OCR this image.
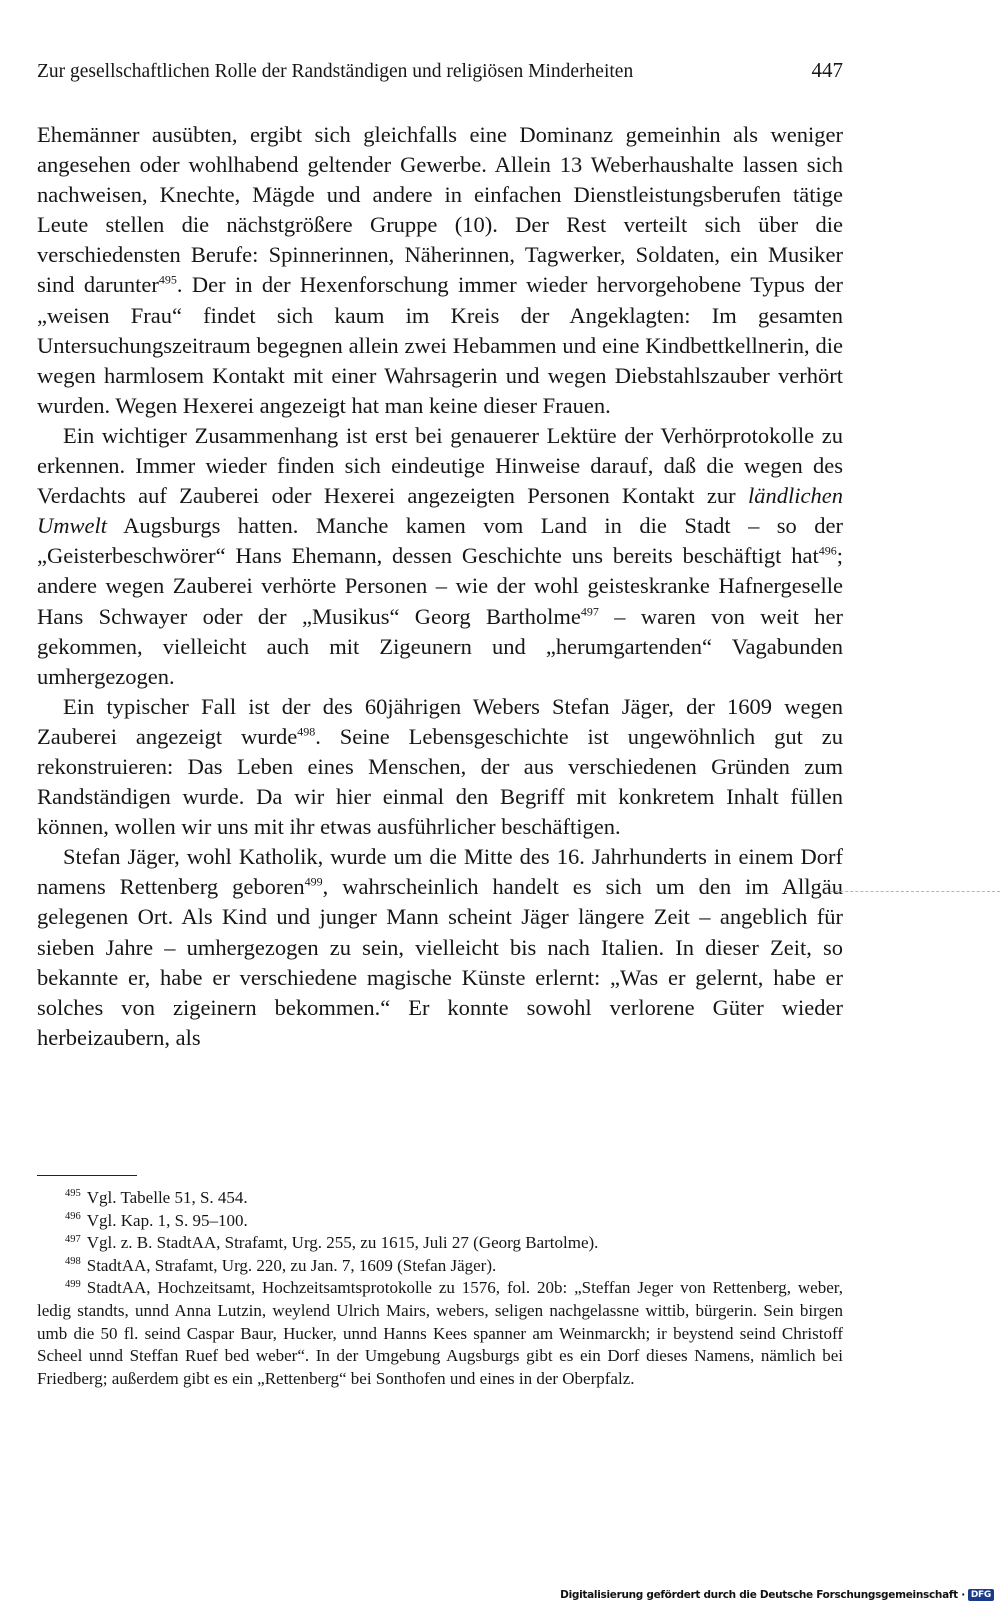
Zur gesellschaftlichen Rolle der Randständigen und religiösen Minderheiten	447

Ehemänner ausübten, ergibt sich gleichfalls eine Dominanz gemeinhin als weniger angesehen oder wohlhabend geltender Gewerbe. Allein 13 Weberhaushalte lassen sich nachweisen, Knechte, Mägde und andere in einfachen Dienstleistungsberufen tätige Leute stellen die nächstgrößere Gruppe (10). Der Rest verteilt sich über die verschiedensten Berufe: Spinnerinnen, Näherinnen, Tagwerker, Soldaten, ein Musiker sind darunter$^{495}$. Der in der Hexenforschung immer wieder hervorgehobene Typus der „weisen Frau“ findet sich kaum im Kreis der Angeklagten: Im gesamten Untersuchungszeitraum begegnen allein zwei Hebammen und eine Kindbettkellnerin, die wegen harmlosem Kontakt mit einer Wahrsagerin und wegen Diebstahlszauber verhört wurden. Wegen Hexerei angezeigt hat man keine dieser Frauen.

Ein wichtiger Zusammenhang ist erst bei genauerer Lektüre der Verhörprotokolle zu erkennen. Immer wieder finden sich eindeutige Hinweise darauf, daß die wegen des Verdachts auf Zauberei oder Hexerei angezeigten Personen Kontakt zur ländlichen Umwelt Augsburgs hatten. Manche kamen vom Land in die Stadt – so der „Geisterbeschwörer“ Hans Ehemann, dessen Geschichte uns bereits beschäftigt hat$^{496}$; andere wegen Zauberei verhörte Personen – wie der wohl geisteskranke Hafnergeselle Hans Schwayer oder der „Musikus“ Georg Bartholme$^{497}$ – waren von weit her gekommen, vielleicht auch mit Zigeunern und „herumgartenden“ Vagabunden umhergezogen.

Ein typischer Fall ist der des 60jährigen Webers Stefan Jäger, der 1609 wegen Zauberei angezeigt wurde$^{498}$. Seine Lebensgeschichte ist ungewöhnlich gut zu rekonstruieren: Das Leben eines Menschen, der aus verschiedenen Gründen zum Randständigen wurde. Da wir hier einmal den Begriff mit konkretem Inhalt füllen können, wollen wir uns mit ihr etwas ausführlicher beschäftigen.

Stefan Jäger, wohl Katholik, wurde um die Mitte des 16. Jahrhunderts in einem Dorf namens Rettenberg geboren$^{499}$, wahrscheinlich handelt es sich um den im Allgäu gelegenen Ort. Als Kind und junger Mann scheint Jäger längere Zeit – angeblich für sieben Jahre – umhergezogen zu sein, vielleicht bis nach Italien. In dieser Zeit, so bekannte er, habe er verschiedene magische Künste erlernt: „Was er gelernt, habe er solches von zigeinern bekommen.“ Er konnte sowohl verlorene Güter wieder herbeizaubern, als

$^{495}$ Vgl. Tabelle 51, S. 454.

$^{496}$ Vgl. Kap. 1, S. 95–100.

$^{497}$ Vgl. z. B. StadtAA, Strafamt, Urg. 255, zu 1615, Juli 27 (Georg Bartolme).

$^{498}$ StadtAA, Strafamt, Urg. 220, zu Jan. 7, 1609 (Stefan Jäger).

$^{499}$ StadtAA, Hochzeitsamt, Hochzeitsamtsprotokolle zu 1576, fol. 20b: „Steffan Jeger von Rettenberg, weber, ledig standts, unnd Anna Lutzin, weylend Ulrich Mairs, webers, seligen nachgelassne wittib, bürgerin. Sein birgen umb die 50 fl. seind Caspar Baur, Hucker, unnd Hanns Kees spanner am Weinmarckh; ir beystend seind Christoff Scheel unnd Steffan Ruef bed weber“. In der Umgebung Augsburgs gibt es ein Dorf dieses Namens, nämlich bei Friedberg; außerdem gibt es ein „Rettenberg“ bei Sonthofen und eines in der Oberpfalz.

Digitalisierung gefördert durch die Deutsche Forschungsgemeinschaft · DFG
